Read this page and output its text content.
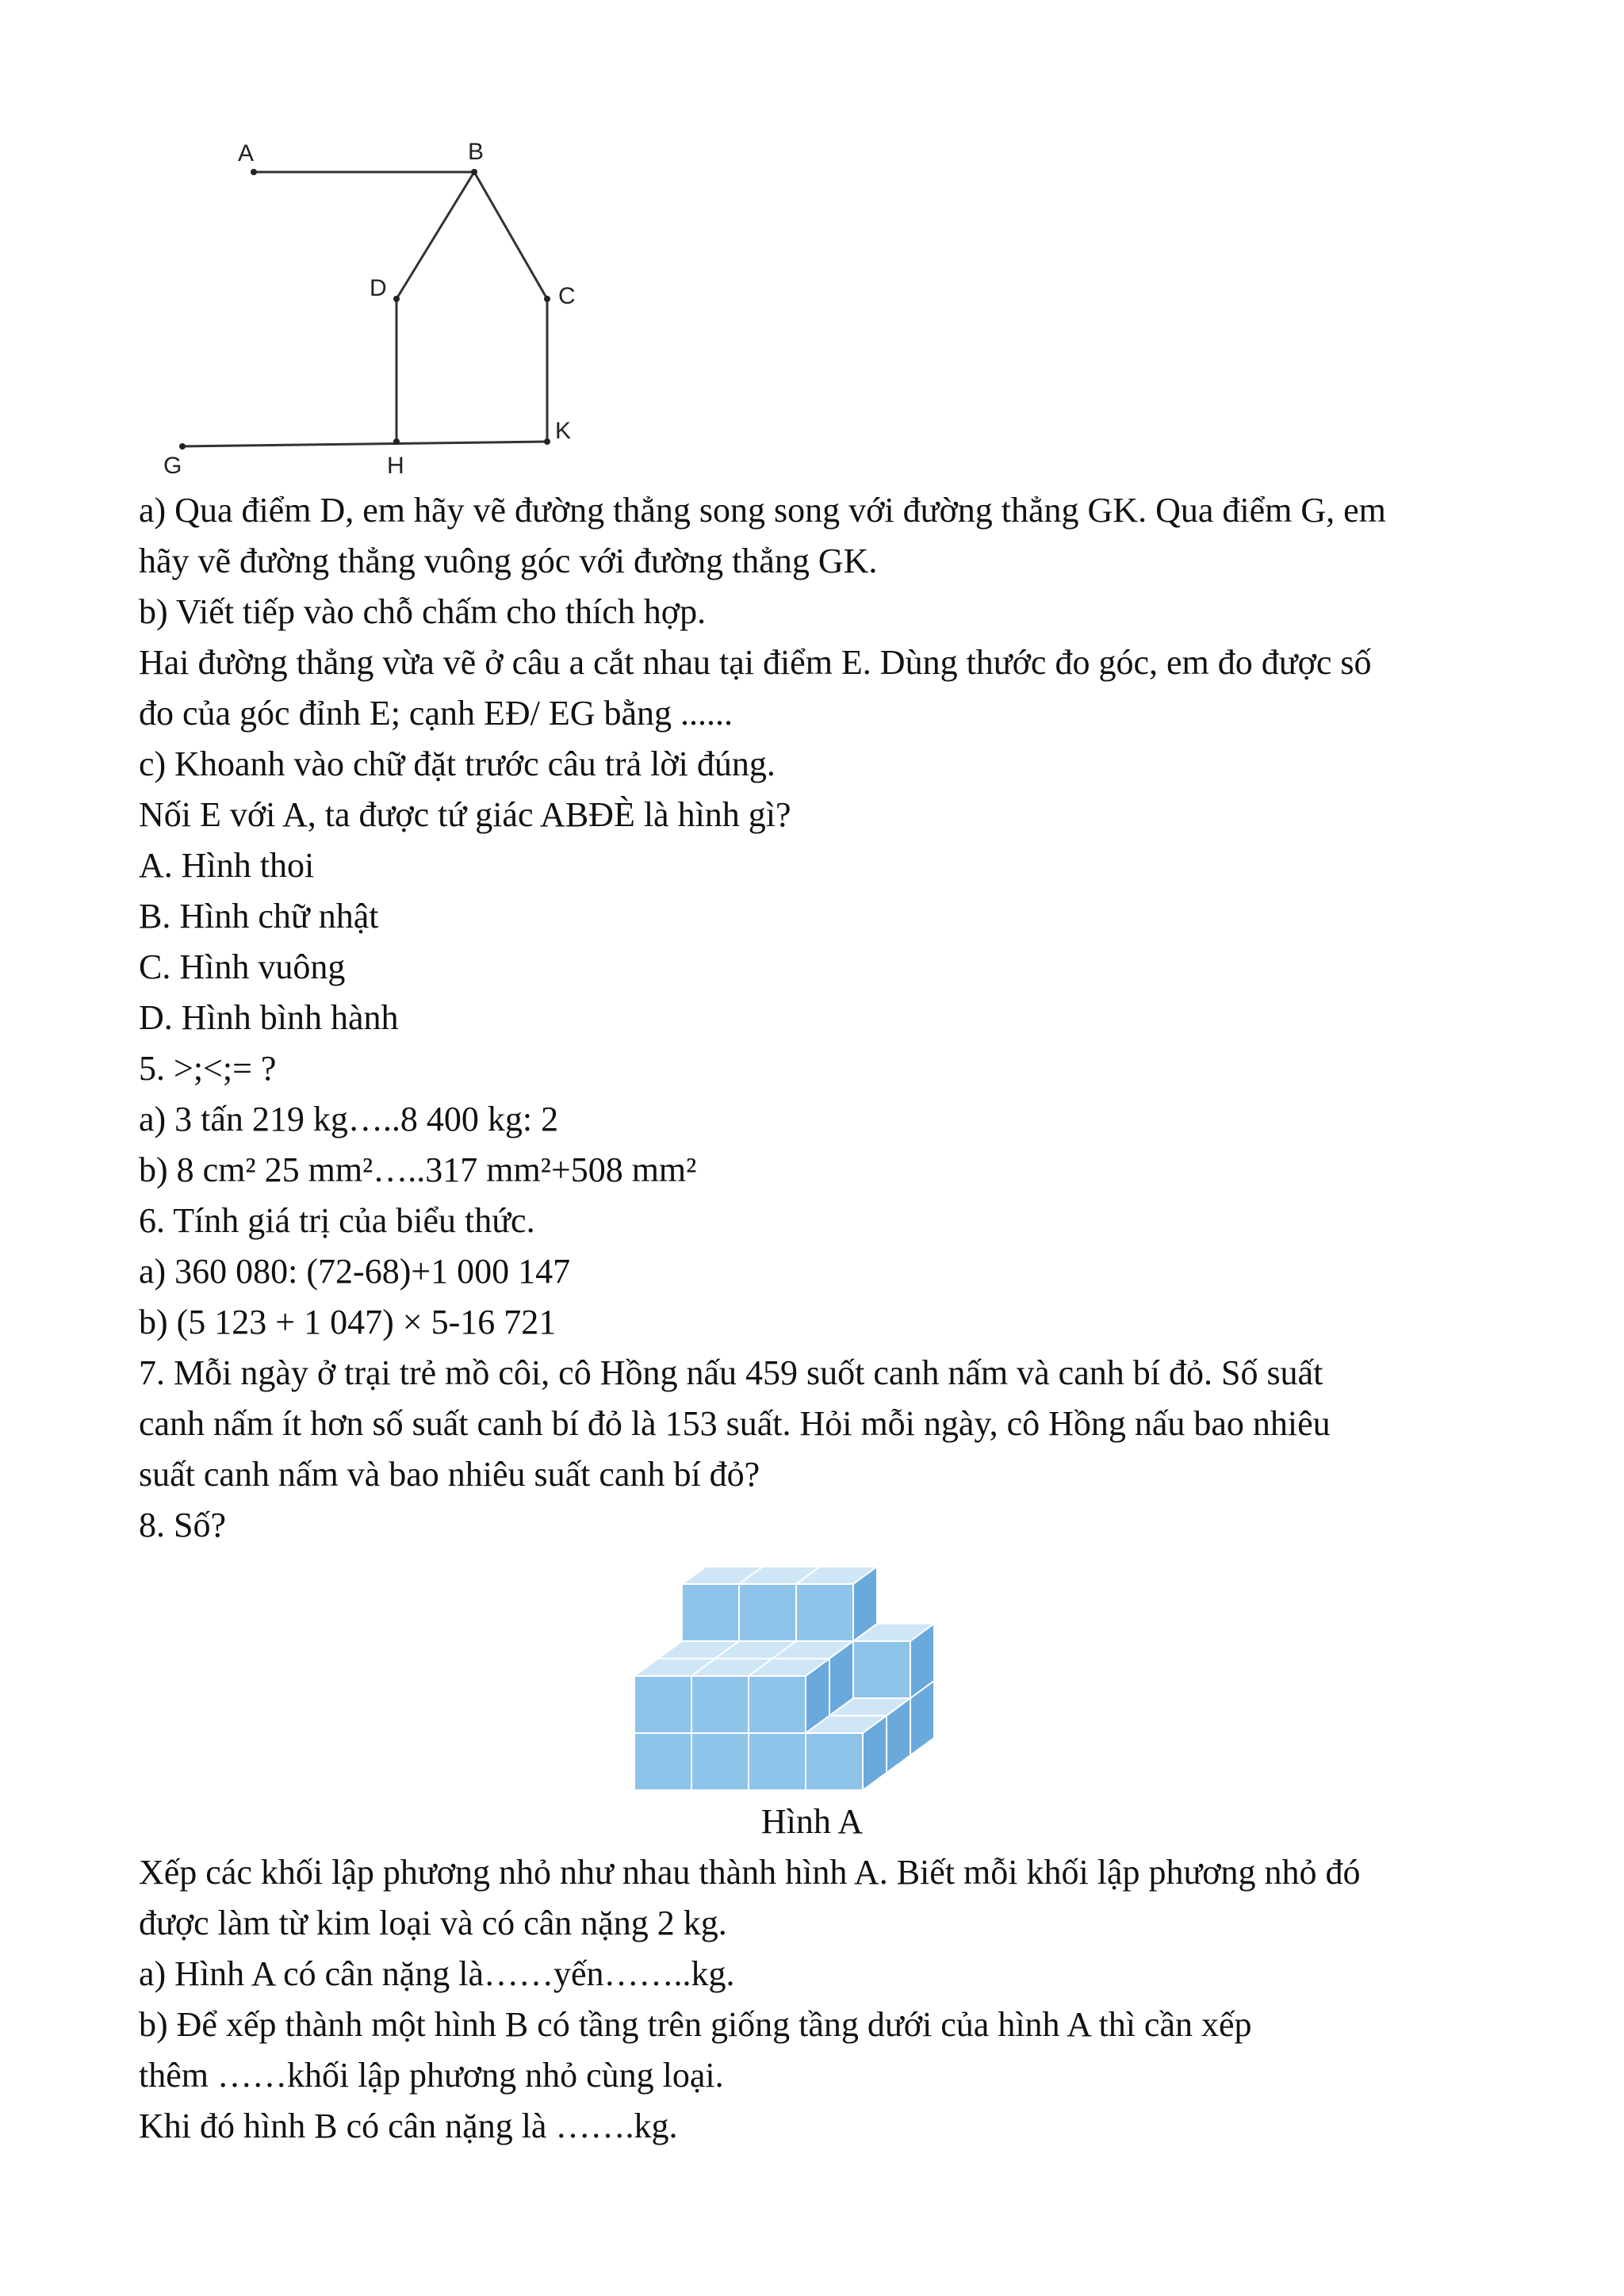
A	B
D	C
G	H
K
a) Qua điểm D, em hãy vẽ đường thẳng song song với đường thẳng GK. Qua điểm G, em
hãy vẽ đường thẳng vuông góc với đường thẳng GK.
b) Viết tiếp vào chỗ chấm cho thích hợp.
Hai đường thẳng vừa vẽ ở câu a cắt nhau tại điểm E. Dùng thước đo góc, em đo được số
đo của góc đỉnh E; cạnh EĐ/ EG bằng ......
c) Khoanh vào chữ đặt trước câu trả lời đúng.
Nối E với A, ta được tứ giác ABĐÈ là hình gì?
A. Hình thoi
B. Hình chữ nhật
C. Hình vuông
D. Hình bình hành
5. >;<;= ?
a) 3 tấn 219 kg…..8 400 kg: 2
b) 8 cm² 25 mm²…..317 mm²+508 mm²
6. Tính giá trị của biểu thức.
a) 360 080: (72-68)+1 000 147
b) (5 123 + 1 047) × 5-16 721
7. Mỗi ngày ở trại trẻ mồ côi, cô Hồng nấu 459 suốt canh nấm và canh bí đỏ. Số suất
canh nấm ít hơn số suất canh bí đỏ là 153 suất. Hỏi mỗi ngày, cô Hồng nấu bao nhiêu
suất canh nấm và bao nhiêu suất canh bí đỏ?
8. Số?
Hình A
Xếp các khối lập phương nhỏ như nhau thành hình A. Biết mỗi khối lập phương nhỏ đó
được làm từ kim loại và có cân nặng 2 kg.
a) Hình A có cân nặng là……yến……..kg.
b) Để xếp thành một hình B có tầng trên giống tầng dưới của hình A thì cần xếp
thêm ……khối lập phương nhỏ cùng loại.
Khi đó hình B có cân nặng là …….kg.
